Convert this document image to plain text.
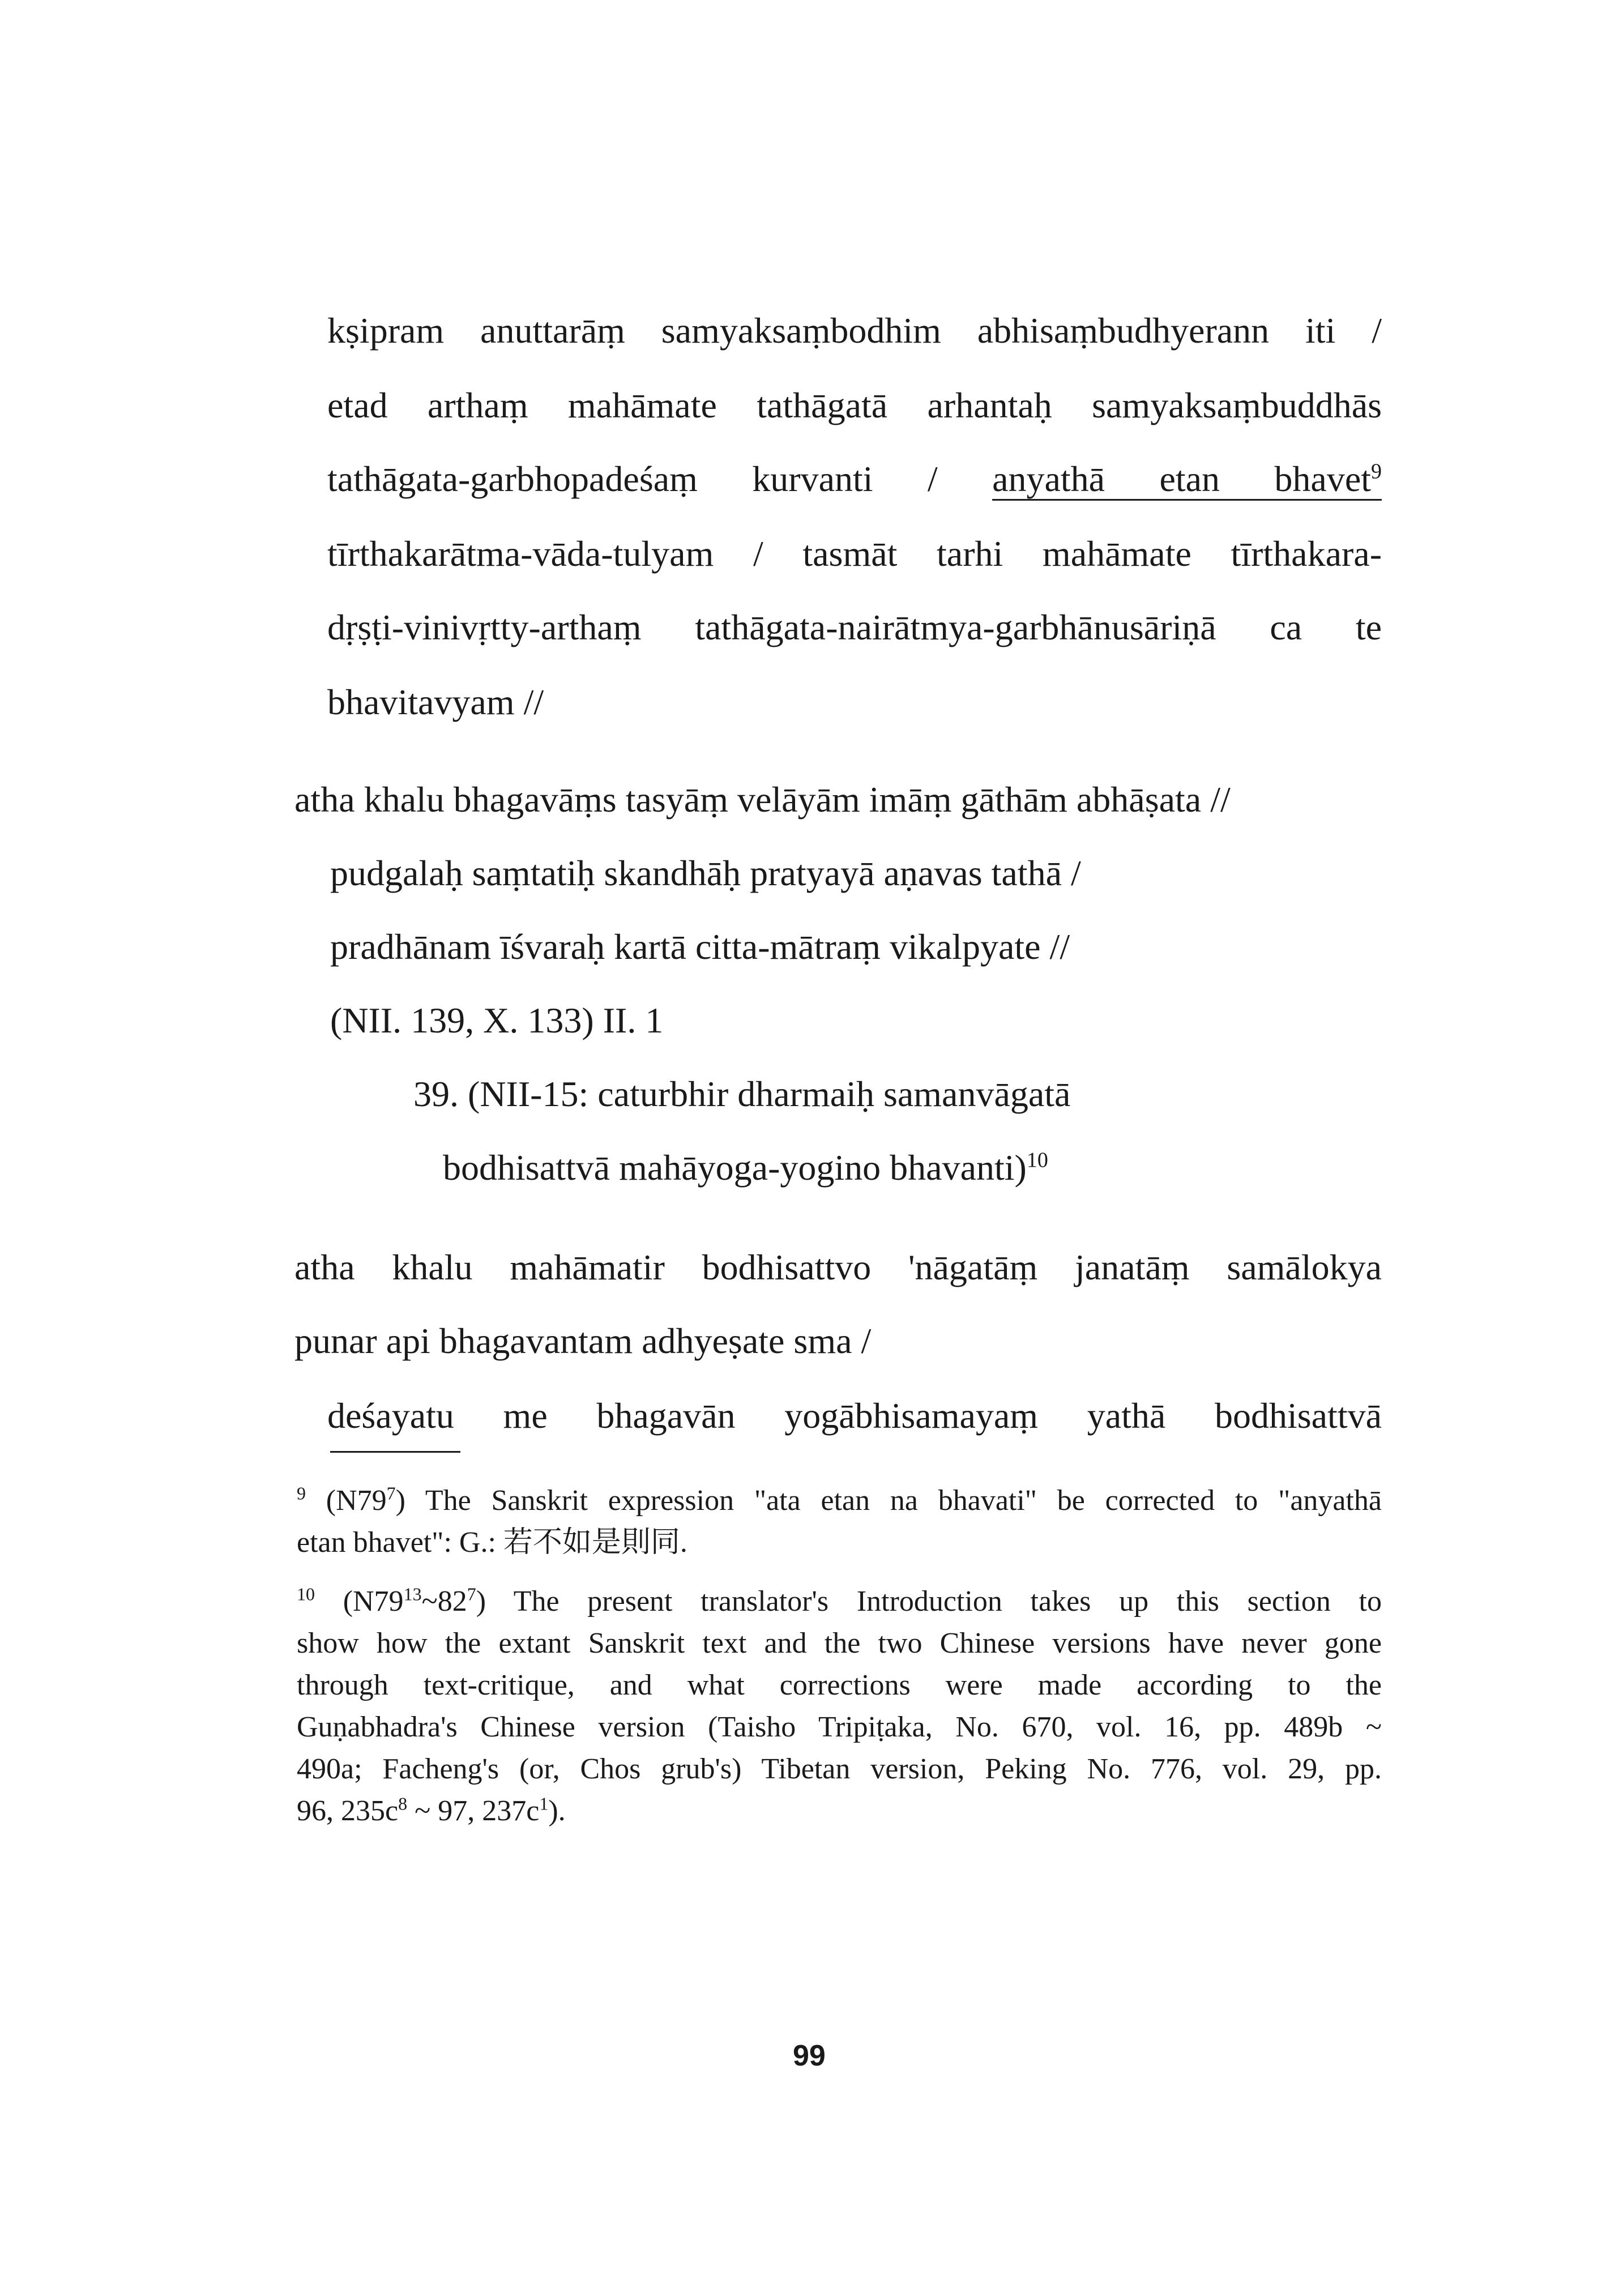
kṣipram anuttarāṃ samyaksaṃbodhim abhisaṃbudhyerann iti /
etad arthaṃ mahāmate tathāgatā arhantaḥ samyaksaṃbuddhās
tathāgata-garbhopadeśaṃ kurvanti / anyathā etan bhavet$^9$
tīrthakarātma-vāda-tulyam / tasmāt tarhi mahāmate tīrthakara-
dṛṣṭi-vinivṛtty-arthaṃ tathāgata-nairātmya-garbhānusāriṇā ca te
bhavitavyam //
atha khalu bhagavāṃs tasyāṃ velāyām imāṃ gāthām abhāṣata //
pudgalaḥ saṃtatiḥ skandhāḥ pratyayā aṇavas tathā /
pradhānam īśvaraḥ kartā citta-mātraṃ vikalpyate //
(NII. 139, X. 133) II. 1
39. (NII-15: caturbhir dharmaiḥ samanvāgatā
bodhisattvā mahāyoga-yogino bhavanti)$^{10}$
atha khalu mahāmatir bodhisattvo 'nāgatāṃ janatāṃ samālokya
punar api bhagavantam adhyeṣate sma /
deśayatu me bhagavān yogābhisamayaṃ yathā bodhisattvā
$^9$ $(N79^7)$ The Sanskrit expression "ata etan na bhavati" be corrected to "anyathā
etan bhavet": G.: 若不如是則同.
$^{10}$ $(N79^{13}\sim 82^7)$ The present translator's Introduction takes up this section to
show how the extant Sanskrit text and the two Chinese versions have never gone
through text-critique, and what corrections were made according to the
Guṇabhadra's Chinese version (Taisho Tripiṭaka, No. 670, vol. 16, pp. 489b ~
490a; Facheng's (or, Chos grub's) Tibetan version, Peking No. 776, vol. 29, pp.
96, $235c^8$ ~ 97, $237c^1$).
99
